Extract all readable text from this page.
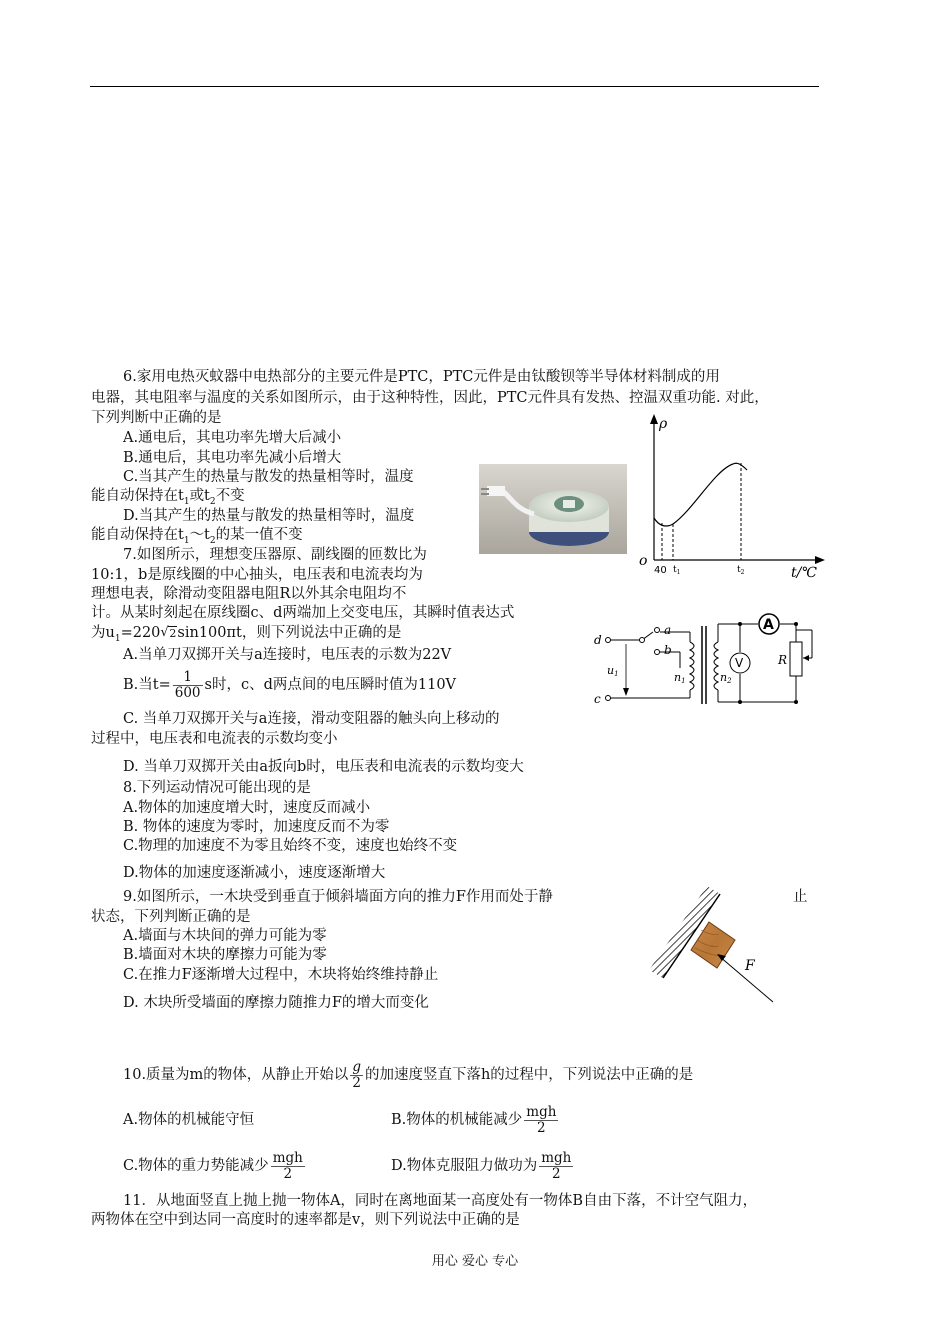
6.家用电热灭蚊器中电热部分的主要元件是PTC，PTC元件是由钛酸钡等半导体材料制成的用
电器，其电阻率与温度的关系如图所示，由于这种特性，因此，PTC元件具有发热、控温双重功能. 对此，
下列判断中正确的是
A.通电后，其电功率先增大后减小
B.通电后，其电功率先减小后增大
C.当其产生的热量与散发的热量相等时，温度
能自动保持在$t_1$或$t_2$不变
D.当其产生的热量与散发的热量相等时，温度
能自动保持在$t_1\sim t_2$的某一值不变
ρ
o
40 $t_1$	$t_2$	t/℃
7.如图所示，理想变压器原、副线圈的匝数比为
10:1，b是原线圈的中心抽头，电压表和电流表均为
理想电表，除滑动变阻器电阻R以外其余电阻均不
计。从某时刻起在原线圈c、d两端加上交变电压，其瞬时值表达式
为$u_1=220√$ 2sin100πt，则下列说法中正确的是
A.当单刀双掷开关与a连接时，电压表的示数为22V
B.当$t= \frac{1}{600}$ s时，c、d两点间的电压瞬时值为110V
C. 当单刀双掷开关与a连接，滑动变阻器的触头向上移动的
过程中，电压表和电流表的示数均变小
D. 当单刀双掷开关由a扳向b时，电压表和电流表的示数均变大
A
V	R
d
c
a
b
u1	n1	n2
8.下列运动情况可能出现的是
A.物体的加速度增大时，速度反而减小
B. 物体的速度为零时，加速度反而不为零
C.物理的加速度不为零且始终不变，速度也始终不变
D.物体的加速度逐渐减小，速度逐渐增大
9.如图所示，一木块受到垂直于倾斜墙面方向的推力F作用而处于静	止
状态，下列判断正确的是
A.墙面与木块间的弹力可能为零
B.墙面对木块的摩擦力可能为零
C.在推力F逐渐增大过程中，木块将始终维持静止
D. 木块所受墙面的摩擦力随推力F的增大而变化
F
10.质量为m的物体，从静止开始以 $\frac{g}{2}$ 的加速度竖直下落h的过程中，下列说法中正确的是
A.物体的机械能守恒	B.物体的机械能减少 $\frac{\text{mgh}}{2}$
C.物体的重力势能减少 $\frac{\text{mgh}}{2}$	D.物体克服阻力做功为 $\frac{\text{mgh}}{2}$
11．从地面竖直上抛上抛一物体A，同时在离地面某一高度处有一物体B自由下落，不计空气阻力，
两物体在空中到达同一高度时的速率都是v，则下列说法中正确的是
用心 爱心 专心
